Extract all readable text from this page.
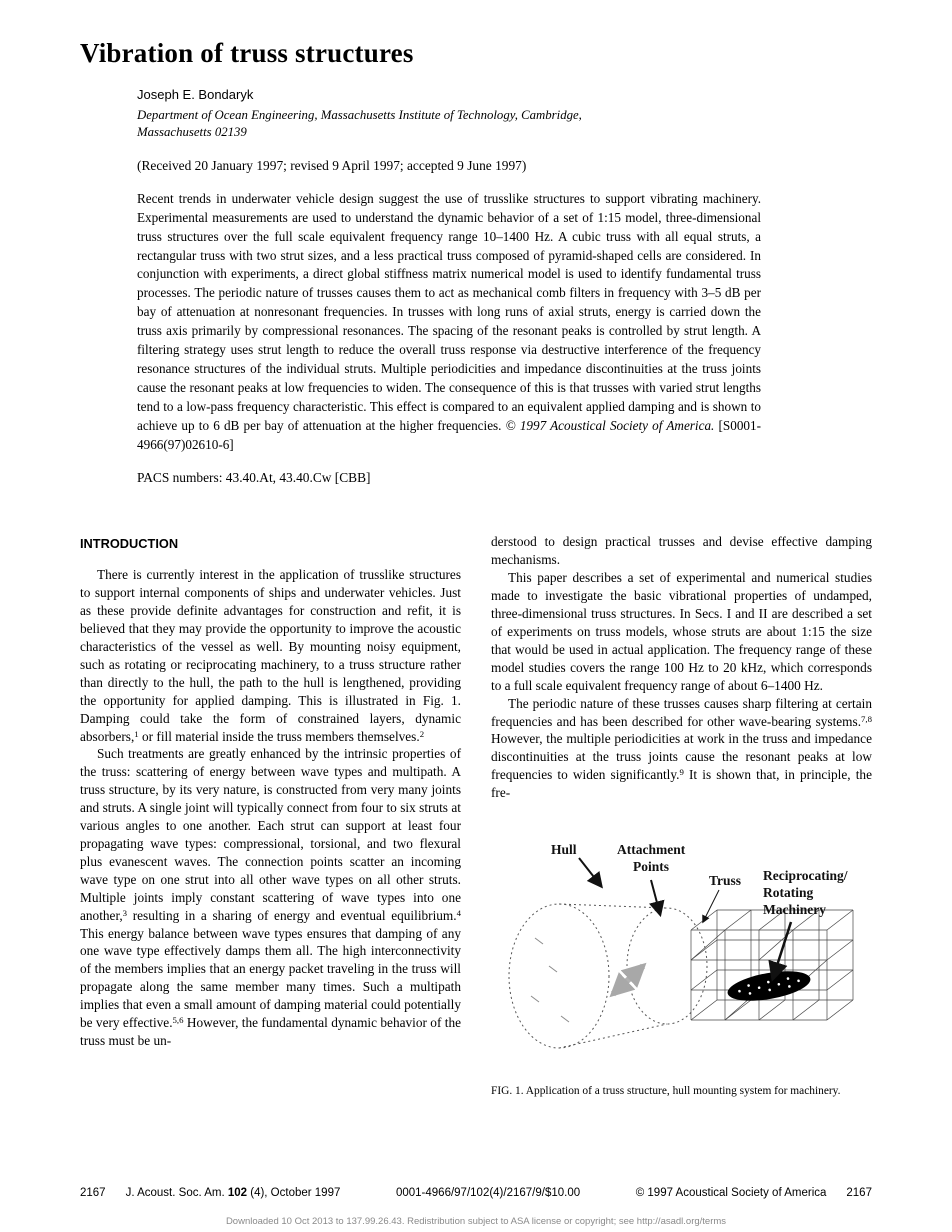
Vibration of truss structures
Joseph E. Bondaryk
Department of Ocean Engineering, Massachusetts Institute of Technology, Cambridge,
Massachusetts 02139
(Received 20 January 1997; revised 9 April 1997; accepted 9 June 1997)

Recent trends in underwater vehicle design suggest the use of trusslike structures to support vibrating machinery. Experimental measurements are used to understand the dynamic behavior of a set of 1:15 model, three-dimensional truss structures over the full scale equivalent frequency range 10–1400 Hz. A cubic truss with all equal struts, a rectangular truss with two strut sizes, and a less practical truss composed of pyramid-shaped cells are considered. In conjunction with experiments, a direct global stiffness matrix numerical model is used to identify fundamental truss processes. The periodic nature of trusses causes them to act as mechanical comb filters in frequency with 3–5 dB per bay of attenuation at nonresonant frequencies. In trusses with long runs of axial struts, energy is carried down the truss axis primarily by compressional resonances. The spacing of the resonant peaks is controlled by strut length. A filtering strategy uses strut length to reduce the overall truss response via destructive interference of the frequency resonance structures of the individual struts. Multiple periodicities and impedance discontinuities at the truss joints cause the resonant peaks at low frequencies to widen. The consequence of this is that trusses with varied strut lengths tend to a low-pass frequency characteristic. This effect is compared to an equivalent applied damping and is shown to achieve up to 6 dB per bay of attenuation at the higher frequencies. © 1997 Acoustical Society of America. [S0001-4966(97)02610-6]

PACS numbers: 43.40.At, 43.40.Cw [CBB]
INTRODUCTION

There is currently interest in the application of trusslike structures to support internal components of ships and underwater vehicles. Just as these provide definite advantages for construction and refit, it is believed that they may provide the opportunity to improve the acoustic characteristics of the vessel as well. By mounting noisy equipment, such as rotating or reciprocating machinery, to a truss structure rather than directly to the hull, the path to the hull is lengthened, providing the opportunity for applied damping. This is illustrated in Fig. 1. Damping could take the form of constrained layers, dynamic absorbers,$^1$ or fill material inside the truss members themselves.$^2$

Such treatments are greatly enhanced by the intrinsic properties of the truss: scattering of energy between wave types and multipath. A truss structure, by its very nature, is constructed from very many joints and struts. A single joint will typically connect from four to six struts at various angles to one another. Each strut can support at least four propagating wave types: compressional, torsional, and two flexural plus evanescent waves. The connection points scatter an incoming wave type on one strut into all other wave types on all other struts. Multiple joints imply constant scattering of wave types into one another,$^3$ resulting in a sharing of energy and eventual equilibrium.$^4$ This energy balance between wave types ensures that damping of any one wave type effectively damps them all. The high interconnectivity of the members implies that an energy packet traveling in the truss will propagate along the same member many times. Such a multipath implies that even a small amount of damping material could potentially be very effective.$^{5,6}$ However, the fundamental dynamic behavior of the truss must be un-

derstood to design practical trusses and devise effective damping mechanisms.

This paper describes a set of experimental and numerical studies made to investigate the basic vibrational properties of undamped, three-dimensional truss structures. In Secs. I and II are described a set of experiments on truss models, whose struts are about 1:15 the size that would be used in actual application. The frequency range of these model studies covers the range 100 Hz to 20 kHz, which corresponds to a full scale equivalent frequency range of about 6–1400 Hz.

The periodic nature of these trusses causes sharp filtering at certain frequencies and has been described for other wave-bearing systems.$^{7,8}$ However, the multiple periodicities at work in the truss and impedance discontinuities at the truss joints cause the resonant peaks at low frequencies to widen significantly.$^9$ It is shown that, in principle, the fre-

Hull	Attachment
Points
Truss Reciprocating/
Rotating
Machinery
FIG. 1. Application of a truss structure, hull mounting system for machinery.
2167 J. Acoust. Soc. Am. 102 (4), October 1997	0001-4966/97/102(4)/2167/9/$10.00	© 1997 Acoustical Society of America 2167
Downloaded 10 Oct 2013 to 137.99.26.43. Redistribution subject to ASA license or copyright; see http://asadl.org/terms
